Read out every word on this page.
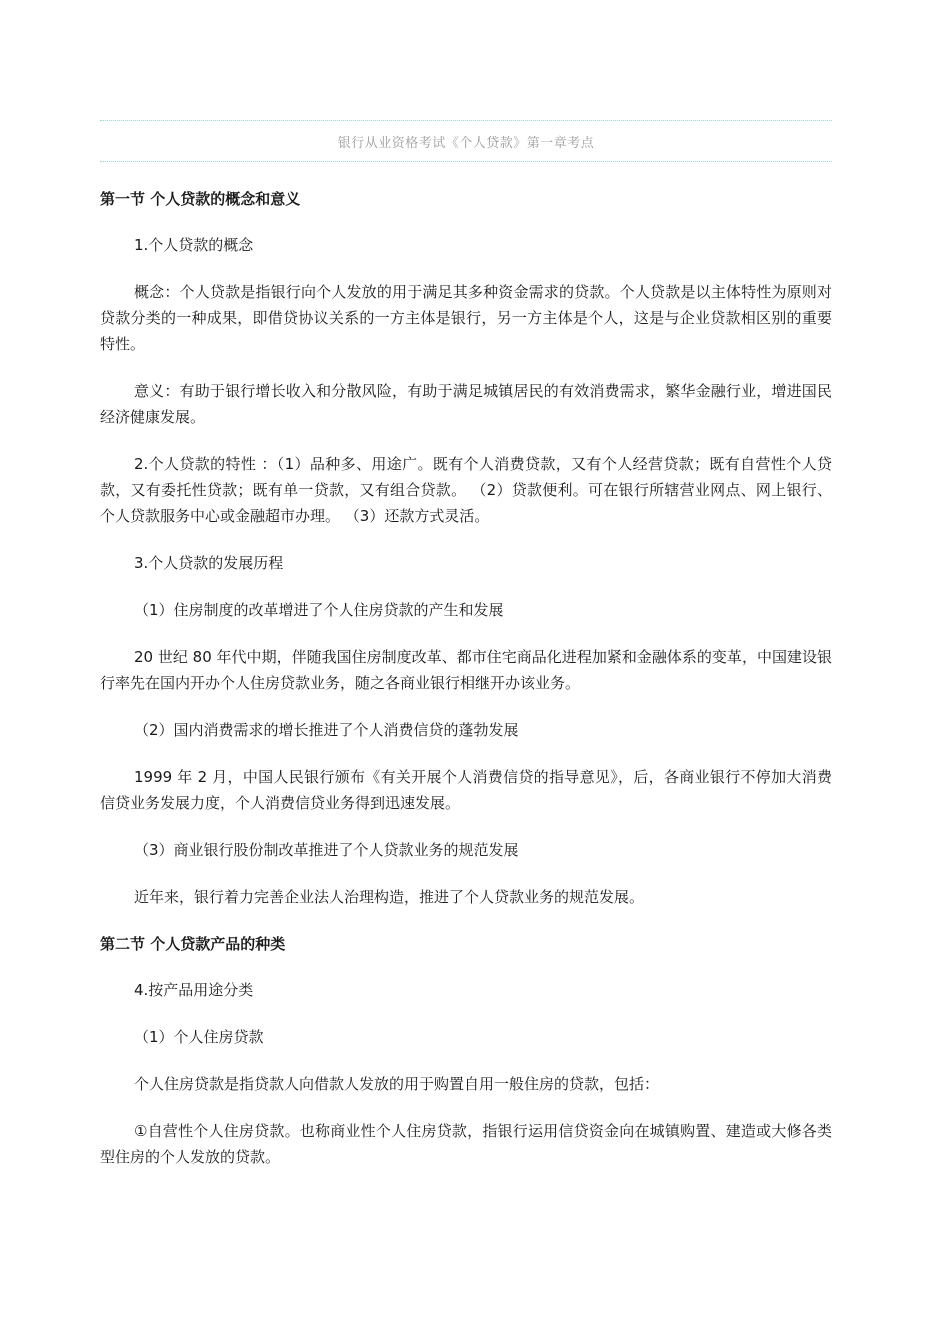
银行从业资格考试《个人贷款》第一章考点
第一节 个人贷款的概念和意义

1.个人贷款的概念

概念：个人贷款是指银行向个人发放的用于满足其多种资金需求的贷款。个人贷款是以主体特性为原则对贷款分类的一种成果，即借贷协议关系的一方主体是银行，另一方主体是个人，这是与企业贷款相区别的重要特性。

意义：有助于银行增长收入和分散风险，有助于满足城镇居民的有效消费需求，繁华金融行业，增进国民经济健康发展。

2.个人贷款的特性 ：（1）品种多、用途广。既有个人消费贷款，又有个人经营贷款；既有自营性个人贷款，又有委托性贷款；既有单一贷款，又有组合贷款。 （2）贷款便利。可在银行所辖营业网点、网上银行、个人贷款服务中心或金融超市办理。 （3）还款方式灵活。

3.个人贷款的发展历程

（1）住房制度的改革增进了个人住房贷款的产生和发展

20 世纪 80 年代中期，伴随我国住房制度改革、都市住宅商品化进程加紧和金融体系的变革，中国建设银行率先在国内开办个人住房贷款业务，随之各商业银行相继开办该业务。

（2）国内消费需求的增长推进了个人消费信贷的蓬勃发展

1999 年 2 月，中国人民银行颁布《有关开展个人消费信贷的指导意见》，后，各商业银行不停加大消费信贷业务发展力度，个人消费信贷业务得到迅速发展。

（3）商业银行股份制改革推进了个人贷款业务的规范发展

近年来，银行着力完善企业法人治理构造，推进了个人贷款业务的规范发展。

第二节 个人贷款产品的种类

4.按产品用途分类

（1）个人住房贷款

个人住房贷款是指贷款人向借款人发放的用于购置自用一般住房的贷款，包括：

①自营性个人住房贷款。也称商业性个人住房贷款，指银行运用信贷资金向在城镇购置、建造或大修各类型住房的个人发放的贷款。
